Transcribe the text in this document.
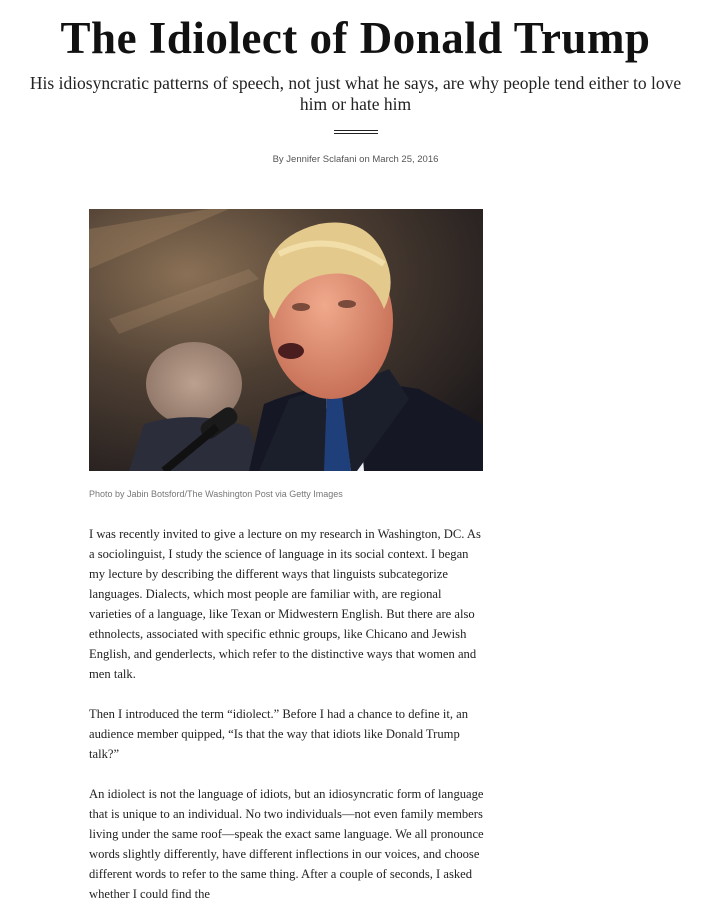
The Idiolect of Donald Trump
His idiosyncratic patterns of speech, not just what he says, are why people tend either to love him or hate him
By Jennifer Sclafani on March 25, 2016
Photo by Jabin Botsford/The Washington Post via Getty Images

I was recently invited to give a lecture on my research in Washington, DC. As a sociolinguist, I study the science of language in its social context. I began my lecture by describing the different ways that linguists subcategorize languages. Dialects, which most people are familiar with, are regional varieties of a language, like Texan or Midwestern English. But there are also ethnolects, associated with specific ethnic groups, like Chicano and Jewish English, and genderlects, which refer to the distinctive ways that women and men talk.

Then I introduced the term “idiolect.” Before I had a chance to define it, an audience member quipped, “Is that the way that idiots like Donald Trump talk?”

An idiolect is not the language of idiots, but an idiosyncratic form of language that is unique to an individual. No two individuals—not even family members living under the same roof—speak the exact same language. We all pronounce words slightly differently, have different inflections in our voices, and choose different words to refer to the same thing. After a couple of seconds, I asked whether I could find the
